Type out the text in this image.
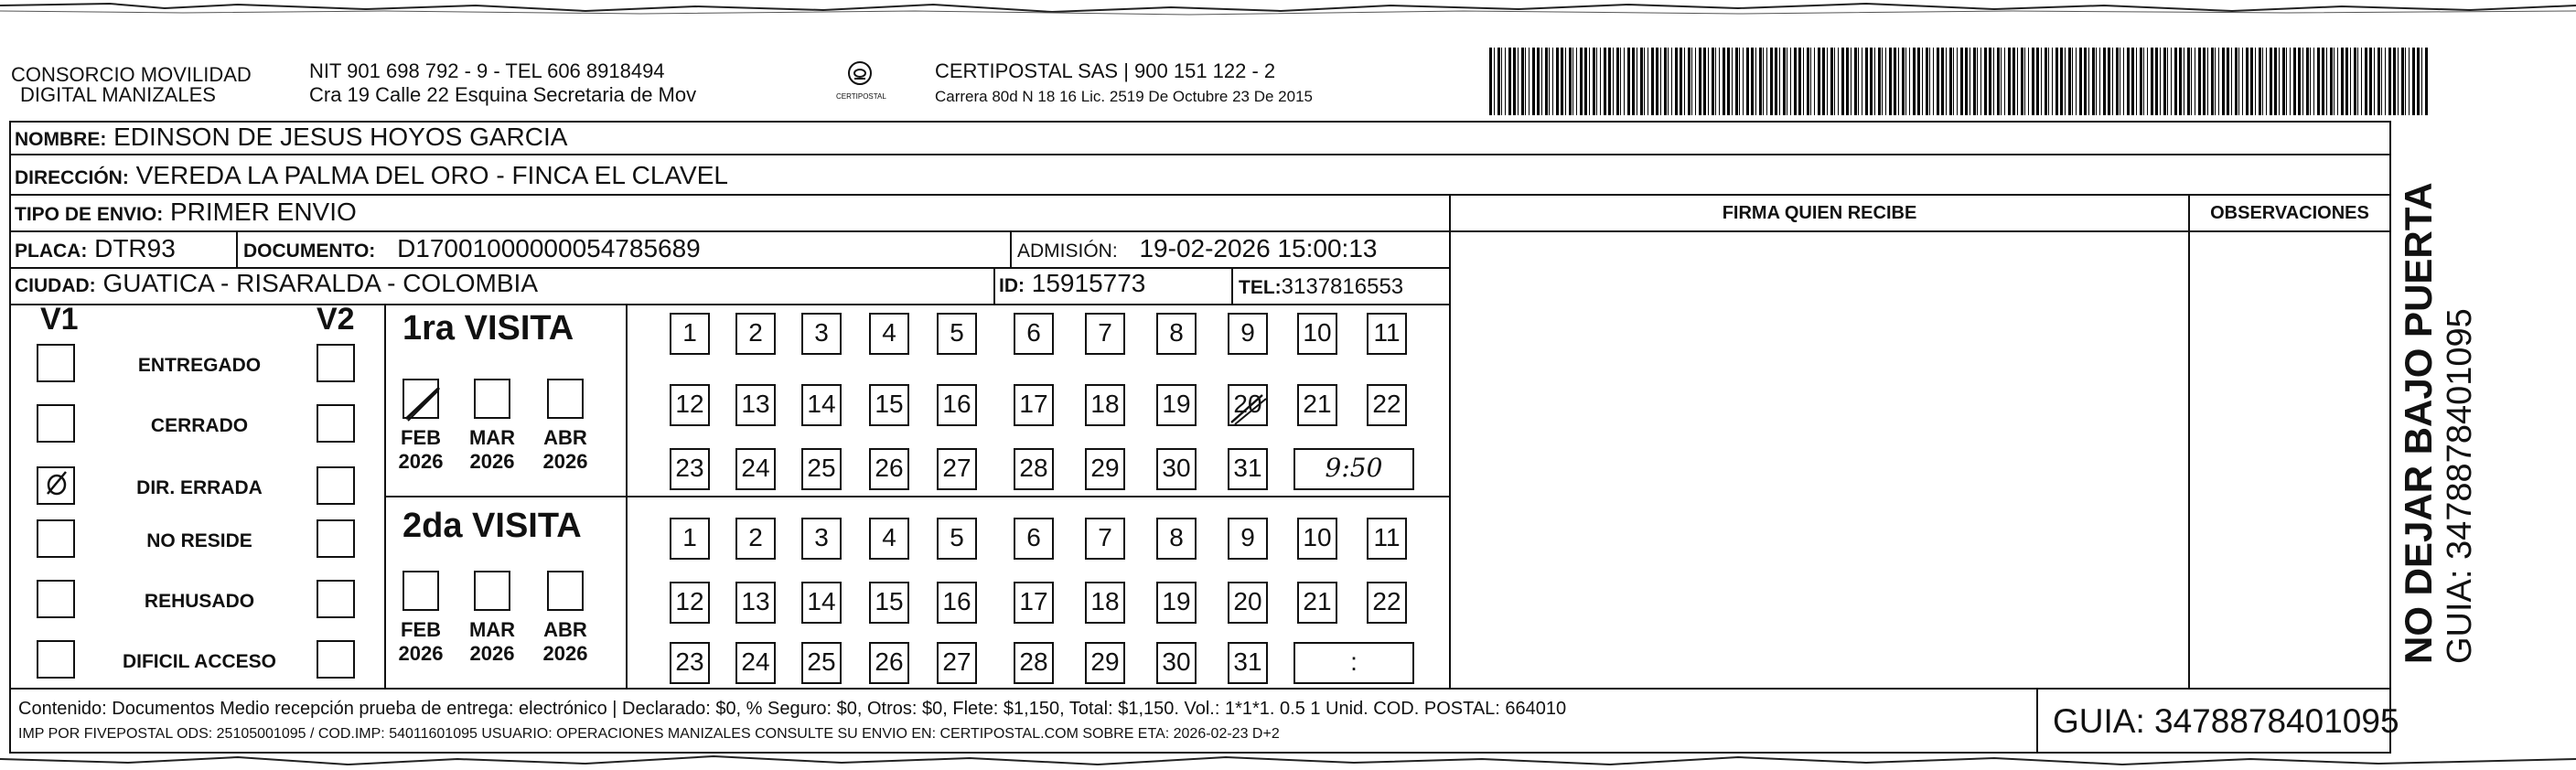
CONSORCIO MOVILIDAD
DIGITAL MANIZALES
NIT 901 698 792 - 9 - TEL 606 8918494
Cra 19 Calle 22 Esquina Secretaria de Mov	CERTIPOSTAL
CERTIPOSTAL SAS | 900 151 122 - 2
Carrera 80d N 18 16 Lic. 2519 De Octubre 23 De 2015
NOMBRE: EDINSON DE JESUS HOYOS GARCIA
DIRECCIÓN: VEREDA LA PALMA DEL ORO - FINCA EL CLAVEL
TIPO DE ENVIO: PRIMER ENVIO	FIRMA QUIEN RECIBE	OBSERVACIONES
PLACA: DTR93	DOCUMENTO: D17001000000054785689	ADMISIÓN: 19-02-2026 15:00:13
CIUDAD: GUATICA - RISARALDA - COLOMBIA	ID: 15915773	TEL:3137816553
V1	V2
ENTREGADO
CERRADO
DIR. ERRADA
NO RESIDE
REHUSADO
DIFICIL ACCESO
1ra VISITA
2da VISITA
FEB
2026
MAR
2026
ABR
2026
FEB
2026
MAR
2026
ABR
2026
1	2	3	4	5	6	7	8	9	10 11
12 13 14 15 16 17 18 19 20 21 22
23 24 25 26 27 28 29 30 31	9:50
1	2	3	4	5	6	7	8	9	10 11
12 13 14 15 16 17 18 19 20 21 22
23 24 25 26 27 28 29 30 31	:	NO DEJAR BAJO PUERTA GUIA: 3478878401095
Contenido: Documentos Medio recepción prueba de entrega: electrónico | Declarado: $0, % Seguro: $0, Otros: $0, Flete: $1,150, Total: $1,150. Vol.: 1*1*1. 0.5 1 Unid. COD. POSTAL: 664010
IMP POR FIVEPOSTAL ODS: 25105001095 / COD.IMP: 54011601095 USUARIO: OPERACIONES MANIZALES CONSULTE SU ENVIO EN: CERTIPOSTAL.COM SOBRE ETA: 2026-02-23 D+2	GUIA: 3478878401095
